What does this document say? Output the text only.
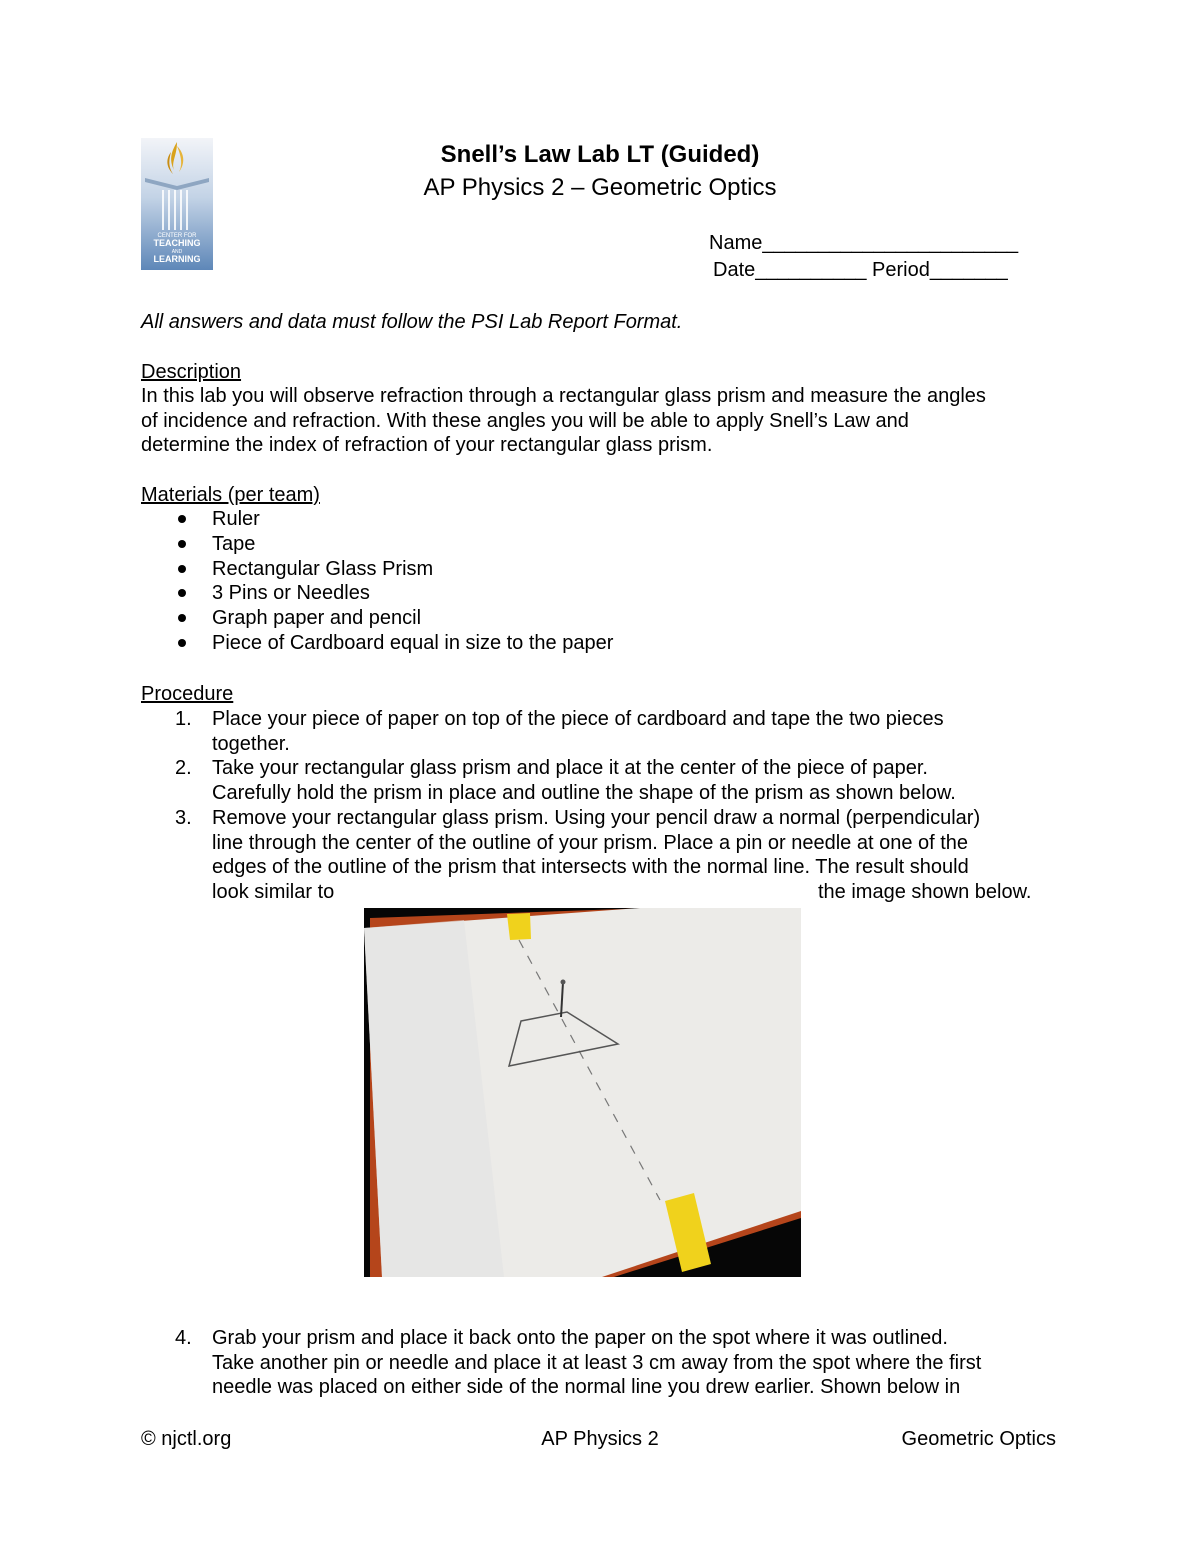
CENTER FOR
TEACHING
AND
LEARNING
Snell’s Law Lab LT (Guided)
AP Physics 2 – Geometric Optics
Name_______________________
Date__________ Period_______
All answers and data must follow the PSI Lab Report Format.
Description
In this lab you will observe refraction through a rectangular glass prism and measure the angles
of incidence and refraction. With these angles you will be able to apply Snell’s Law and
determine the index of refraction of your rectangular glass prism.
Materials (per team)
Ruler
Tape
Rectangular Glass Prism
3 Pins or Needles
Graph paper and pencil
Piece of Cardboard equal in size to the paper
Procedure
1. Place your piece of paper on top of the piece of cardboard and tape the two pieces
together.
2. Take your rectangular glass prism and place it at the center of the piece of paper.
Carefully hold the prism in place and outline the shape of the prism as shown below.
3. Remove your rectangular glass prism. Using your pencil draw a normal (perpendicular)
line through the center of the outline of your prism. Place a pin or needle at one of the
edges of the outline of the prism that intersects with the normal line. The result should
look similar to	the image shown below.
4. Grab your prism and place it back onto the paper on the spot where it was outlined.
Take another pin or needle and place it at least 3 cm away from the spot where the first
needle was placed on either side of the normal line you drew earlier. Shown below in
© njctl.org	AP Physics 2	Geometric Optics
